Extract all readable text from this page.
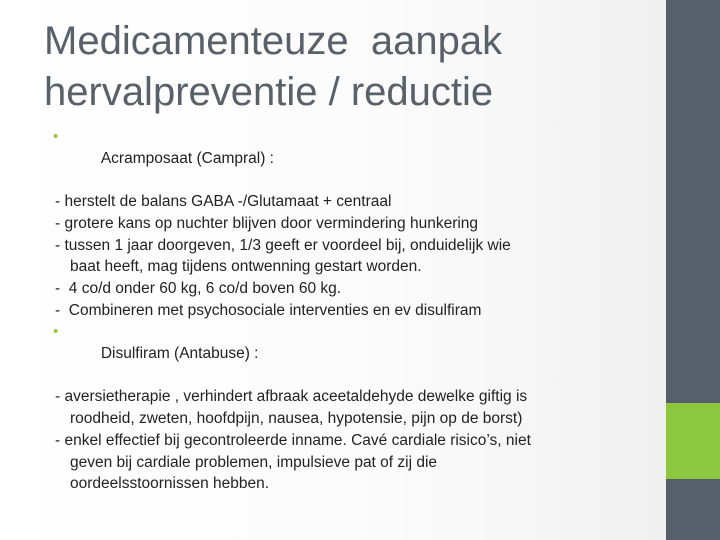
Medicamenteuze  aanpak
hervalpreventie / reductie

•
Acramposaat (Campral) :

- herstelt de balans GABA -/Glutamaat + centraal
- grotere kans op nuchter blijven door vermindering hunkering
- tussen 1 jaar doorgeven, 1/3 geeft er voordeel bij, onduidelijk wie
baat heeft, mag tijdens ontwenning gestart worden.
-  4 co/d onder 60 kg, 6 co/d boven 60 kg.
-  Combineren met psychosociale interventies en ev disulfiram

•
Disulfiram (Antabuse) :

- aversietherapie , verhindert afbraak aceetaldehyde dewelke giftig is
roodheid, zweten, hoofdpijn, nausea, hypotensie, pijn op de borst)
- enkel effectief bij gecontroleerde inname. Cavé cardiale risico’s, niet
geven bij cardiale problemen, impulsieve pat of zij die
oordeelsstoornissen hebben.
